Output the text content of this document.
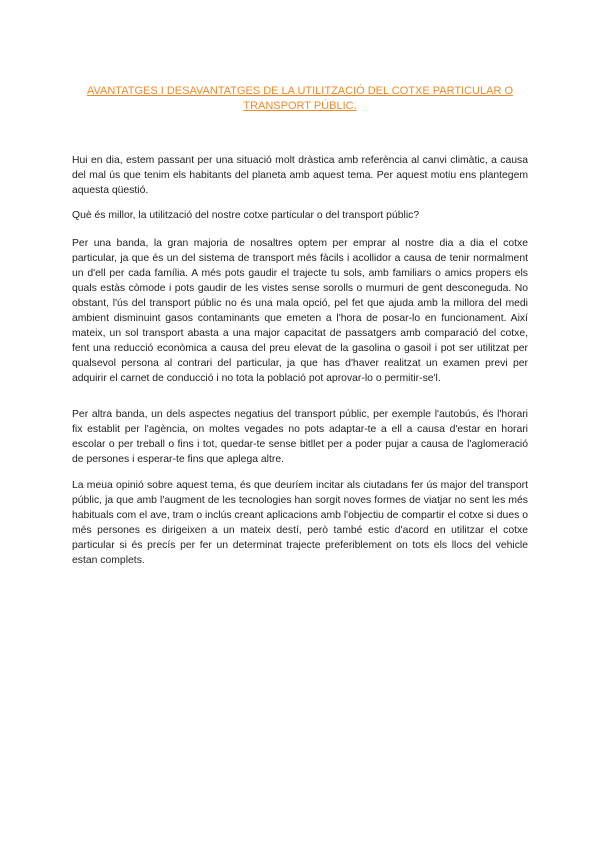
AVANTATGES I DESAVANTATGES DE LA UTILITZACIÓ DEL COTXE PARTICULAR O TRANSPORT PÚBLIC.

Hui en dia, estem passant per una situació molt dràstica amb referència al canvi climàtic, a causa del mal ús que tenim els habitants del planeta amb aquest tema. Per aquest motiu ens plantegem aquesta qüestió.

Què és millor, la utilització del nostre cotxe particular o del transport públic?

Per una banda, la gran majoria de nosaltres optem per emprar al nostre dia a dia el cotxe particular, ja que és un del sistema de transport més fàcils i acollidor a causa de tenir normalment un d'ell per cada família. A més pots gaudir el trajecte tu sols, amb familiars o amics propers els quals estàs còmode i pots gaudir de les vistes sense sorolls o murmuri de gent desconeguda. No obstant, l'ús del transport públic no és una mala opció, pel fet que ajuda amb la millora del medi ambient disminuint gasos contaminants que emeten a l'hora de posar-lo en funcionament. Així mateix, un sol transport abasta a una major capacitat de passatgers amb comparació del cotxe, fent una reducció econòmica a causa del preu elevat de la gasolina o gasoil i pot ser utilitzat per qualsevol persona al contrari del particular, ja que has d'haver realitzat un examen previ per adquirir el carnet de conducció i no tota la població pot aprovar-lo o permitir-se'l.

Per altra banda, un dels aspectes negatius del transport públic, per exemple l'autobús, és l'horari fix establit per l'agència, on moltes vegades no pots adaptar-te a ell a causa d'estar en horari escolar o per treball o fins i tot, quedar-te sense bitllet per a poder pujar a causa de l'aglomeració de persones i esperar-te fins que aplega altre.

La meua opinió sobre aquest tema, és que deuríem incitar als ciutadans fer ús major del transport públic, ja que amb l'augment de les tecnologies han sorgit noves formes de viatjar no sent les més habituals com el ave, tram o inclús creant aplicacions amb l'objectiu de compartir el cotxe si dues o més persones es dirigeixen a un mateix destí, però també estic d'acord en utilitzar el cotxe particular si és precís per fer un determinat trajecte preferiblement on tots els llocs del vehicle estan complets.
